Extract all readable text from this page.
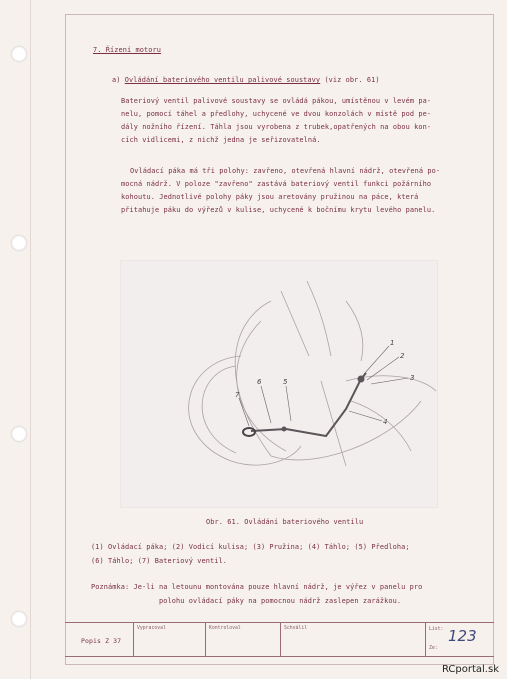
7. Řízení motoru
a) Ovládání bateriového ventilu palivové soustavy (viz obr. 61)
Bateriový ventil palivové soustavy se ovládá pákou, umístěnou v levém pa-
nelu, pomocí táhel a předlohy, uchycené ve dvou konzolách v místě pod pe-
dály nožního řízení. Táhla jsou vyrobena z trubek,opatřených na obou kon-
cích vidlicemi, z nichž jedna je seřizovatelná.
Ovládací páka má tři polohy: zavřeno, otevřená hlavní nádrž, otevřená po-
mocná nádrž. V poloze "zavřeno" zastává bateriový ventil funkci požárního
kohoutu. Jednotlivé polohy páky jsou aretovány pružinou na páce, která
přitahuje páku do výřezů v kulise, uchycené k bočnímu krytu levého panelu.
1
2
3
4
5
6
7
Obr. 61. Ovládání bateriového ventilu
(1) Ovládací páka; (2) Vodicí kulisa; (3) Pružina; (4) Táhlo; (5) Předloha;
(6) Táhlo; (7) Bateriový ventil.
Poznámka: Je-li na letounu montována pouze hlavní nádrž, je výřez v panelu pro
polohu ovládací páky na pomocnou nádrž zaslepen zarážkou.
Popis Z 37
Vypracoval	Kontroloval	Schválil	List: 123
Ze:
RCportal.sk
